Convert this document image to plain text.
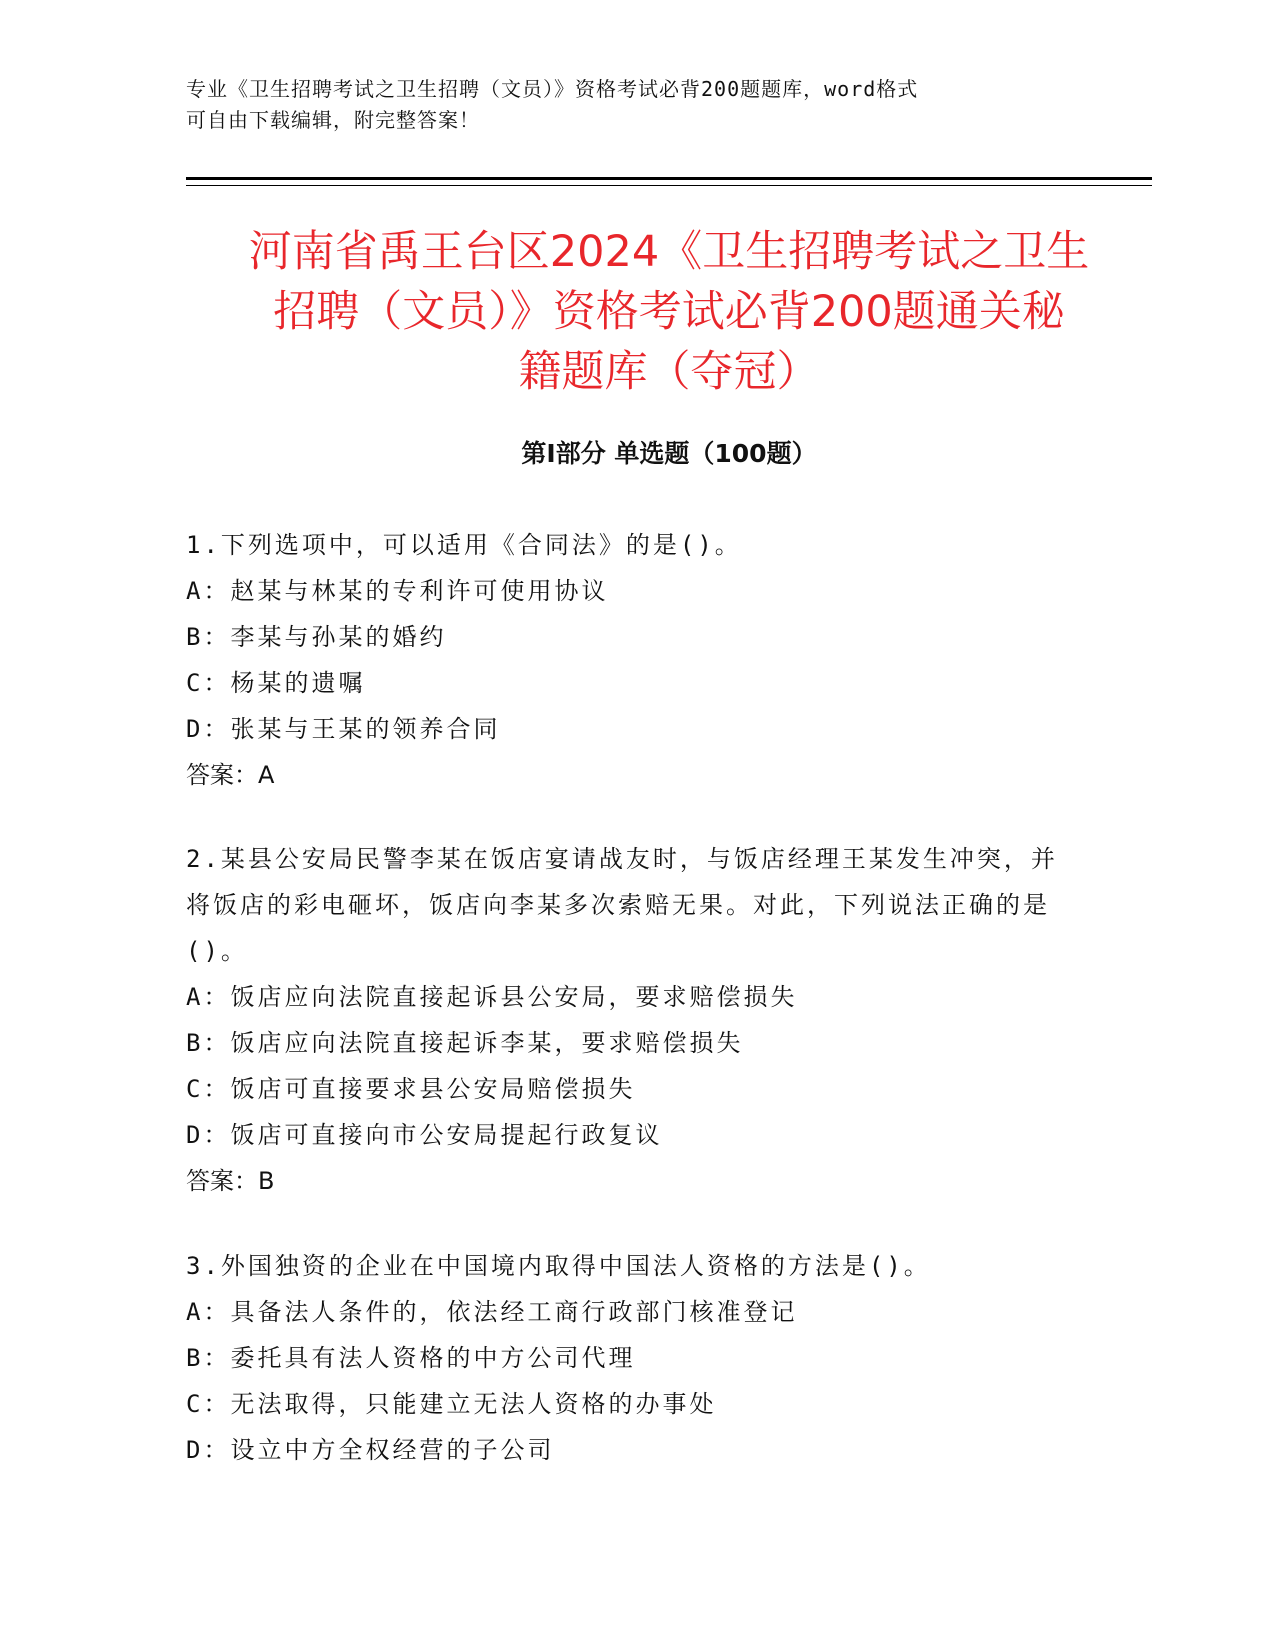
专业《卫生招聘考试之卫生招聘（文员）》资格考试必背200题题库，word格式
可自由下载编辑，附完整答案！

河南省禹王台区2024《卫生招聘考试之卫生
招聘（文员）》资格考试必背200题通关秘
籍题库（夺冠）
第Ⅰ部分 单选题（100题）

1.下列选项中，可以适用《合同法》的是()。

A：赵某与林某的专利许可使用协议

B：李某与孙某的婚约

C：杨某的遗嘱

D：张某与王某的领养合同

答案：A

2.某县公安局民警李某在饭店宴请战友时，与饭店经理王某发生冲突，并将饭店的彩电砸坏，饭店向李某多次索赔无果。对此，下列说法正确的是()。

A：饭店应向法院直接起诉县公安局，要求赔偿损失

B：饭店应向法院直接起诉李某，要求赔偿损失

C：饭店可直接要求县公安局赔偿损失

D：饭店可直接向市公安局提起行政复议

答案：B

3.外国独资的企业在中国境内取得中国法人资格的方法是()。

A：具备法人条件的，依法经工商行政部门核准登记

B：委托具有法人资格的中方公司代理

C：无法取得，只能建立无法人资格的办事处

D：设立中方全权经营的子公司
